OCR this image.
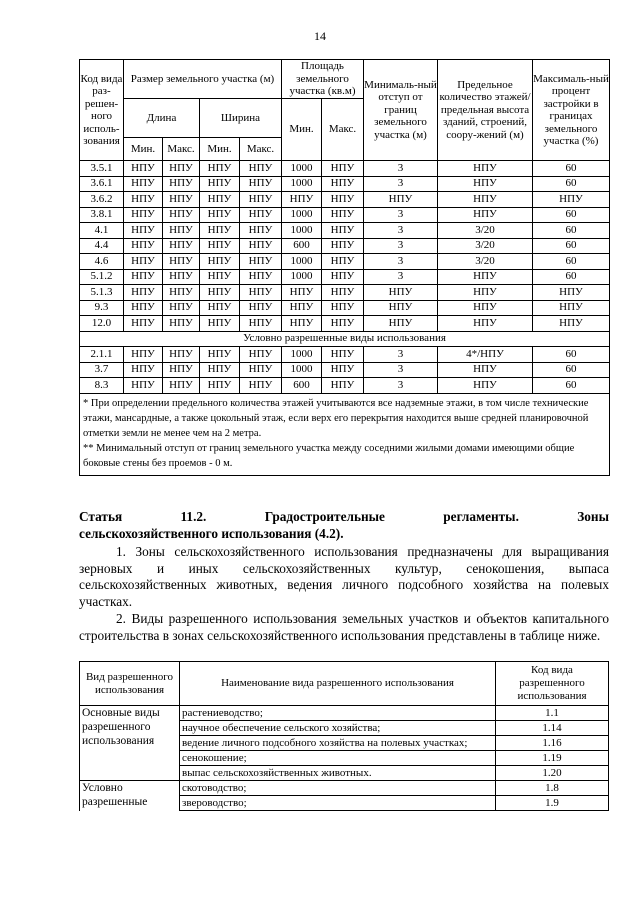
14
Код вида раз-решен-ного исполь-зования	Размер земельного участка (м)				Площадь земельного участка (кв.м)		Минималь-ный отступ от границ земельного участка (м)	Предельное количество этажей/ предельная высота зданий, строений, соору-жений (м)	Максималь-ный процент застройки в границах земельного участка (%)
	Длина		Ширина		Мин.	Макс.			
	Мин.	Макс.	Мин.	Макс.					
3.5.1	НПУ	НПУ	НПУ	НПУ	1000	НПУ	3	НПУ	60
3.6.1	НПУ	НПУ	НПУ	НПУ	1000	НПУ	3	НПУ	60
3.6.2	НПУ	НПУ	НПУ	НПУ	НПУ	НПУ	НПУ	НПУ	НПУ
3.8.1	НПУ	НПУ	НПУ	НПУ	1000	НПУ	3	НПУ	60
4.1	НПУ	НПУ	НПУ	НПУ	1000	НПУ	3	3/20	60
4.4	НПУ	НПУ	НПУ	НПУ	600	НПУ	3	3/20	60
4.6	НПУ	НПУ	НПУ	НПУ	1000	НПУ	3	3/20	60
5.1.2	НПУ	НПУ	НПУ	НПУ	1000	НПУ	3	НПУ	60
5.1.3	НПУ	НПУ	НПУ	НПУ	НПУ	НПУ	НПУ	НПУ	НПУ
9.3	НПУ	НПУ	НПУ	НПУ	НПУ	НПУ	НПУ	НПУ	НПУ
12.0	НПУ	НПУ	НПУ	НПУ	НПУ	НПУ	НПУ	НПУ	НПУ
Условно разрешенные виды использования									
2.1.1	НПУ	НПУ	НПУ	НПУ	1000	НПУ	3	4*/НПУ	60
3.7	НПУ	НПУ	НПУ	НПУ	1000	НПУ	3	НПУ	60
8.3	НПУ	НПУ	НПУ	НПУ	600	НПУ	3	НПУ	60

* При определении предельного количества этажей учитываются все надземные этажи, в том числе технические этажи, мансардные, а также цокольный этаж, если верх его перекрытия находится выше средней планировочной отметки земли не менее чем на 2 метра.
** Минимальный отступ от границ земельного участка между соседними жилыми домами имеющими общие боковые стены без проемов - 0 м.									
Статья	11.2.	Градостроительные	регламенты.	Зоны
сельскохозяйственного использования (4.2).
1. Зоны сельскохозяйственного использования предназначены для выращивания зерновых и иных сельскохозяйственных культур, сенокошения, выпаса сельскохозяйственных животных, ведения личного подсобного хозяйства на полевых участках.
2. Виды разрешенного использования земельных участков и объектов капитального строительства в зонах сельскохозяйственного использования представлены в таблице ниже.
Вид разрешенного использования	Наименование вида разрешенного использования	Код вида разрешенного использования
Основные виды разрешенного использования	растениеводство;	1.1
	научное обеспечение сельского хозяйства;	1.14
	ведение личного подсобного хозяйства на полевых участках;	1.16
	сенокошение;	1.19
	выпас сельскохозяйственных животных.	1.20
Условно разрешенные	скотоводство;	1.8
	звероводство;	1.9
